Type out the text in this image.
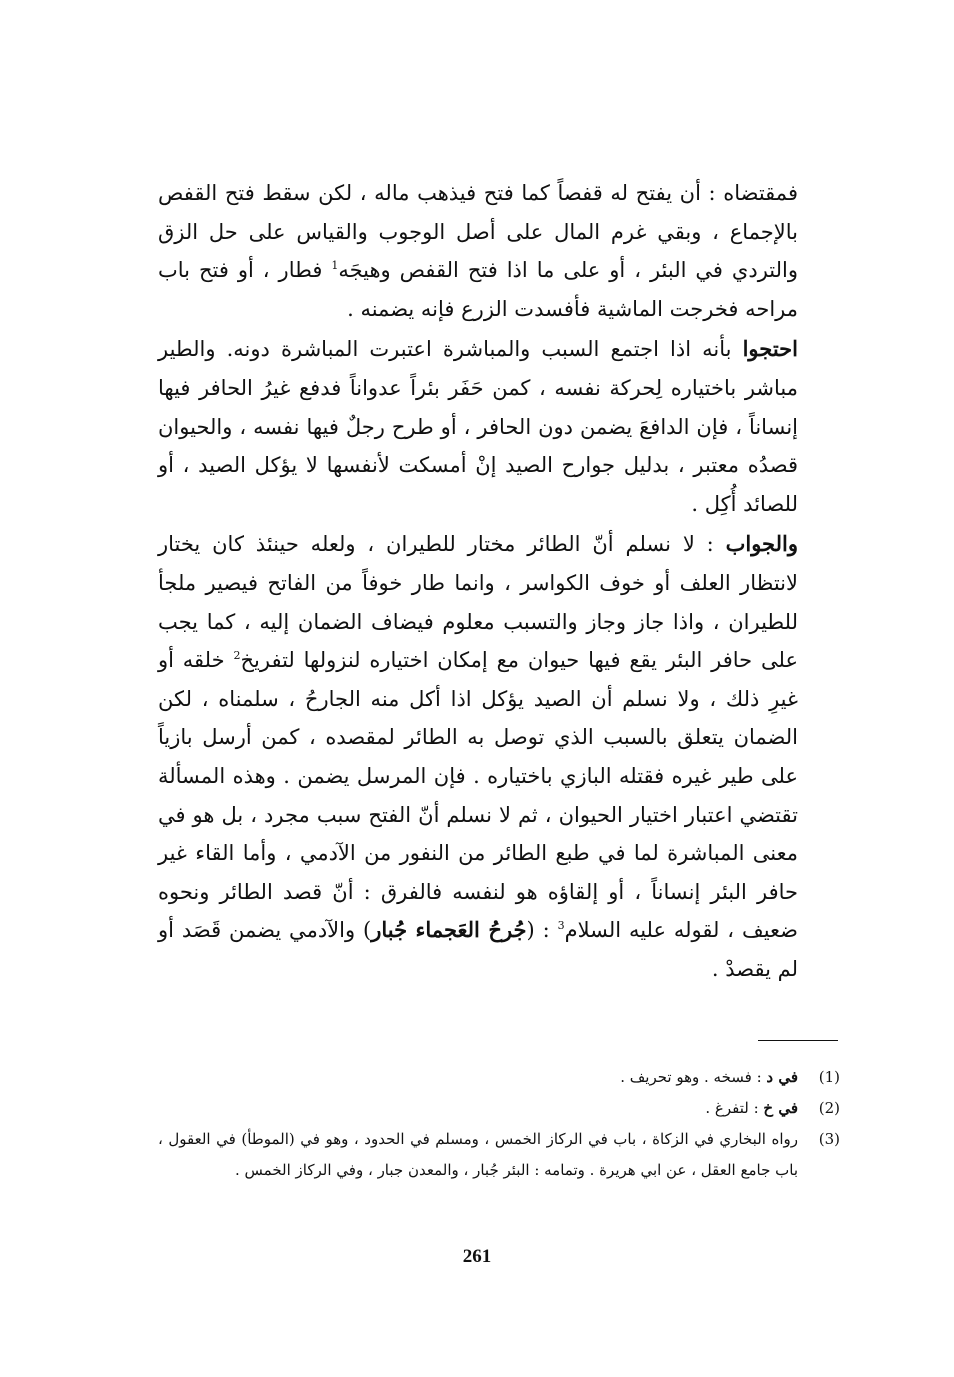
فمقتضاه : أن يفتح له قفصاً كما فتح فيذهب ماله ، لكن سقط فتح القفص بالإجماع ، وبقي غرم المال على أصل الوجوب والقياس على حل الزق والتردي في البئر ، أو على ما اذا فتح القفص وهيجَه$^1$ فطار ، أو فتح باب مراحه فخرجت الماشية فأفسدت الزرع فإنه يضمنه .

احتجوا بأنه اذا اجتمع السبب والمباشرة اعتبرت المباشرة دونه. والطير مباشر باختياره لِحركة نفسه ، كمن حَفَر بئراً عدواناً فدفع غيرُ الحافر فيها إنساناً ، فإن الدافعَ يضمن دون الحافر ، أو طرح رجلٌ فيها نفسه ، والحيوان قصدُه معتبر ، بدليل جوارح الصيد إنْ أمسكت لأنفسها لا يؤكل الصيد ، أو للصائد أُكِل .

والجواب : لا نسلم أنّ الطائر مختار للطيران ، ولعله حينئذ كان يختار لانتظار العلف أو خوف الكواسر ، وانما طار خوفاً من الفاتح فيصير ملجأ للطيران ، واذا جاز وجاز والتسبب معلوم فيضاف الضمان إليه ، كما يجب على حافر البئر يقع فيها حيوان مع إمكان اختياره لنزولها لتفريخ$^2$ خلقه أو غيرِ ذلك ، ولا نسلم أن الصيد يؤكل اذا أكل منه الجارحُ ، سلمناه ، لكن الضمان يتعلق بالسبب الذي توصل به الطائر لمقصده ، كمن أرسل بازياً على طير غيره فقتله البازي باختياره . فإن المرسل يضمن . وهذه المسألة تقتضي اعتبار اختيار الحيوان ، ثم لا نسلم أنّ الفتح سبب مجرد ، بل هو في معنى المباشرة لما في طبع الطائر من النفور من الآدمي ، وأما القاء غير حافر البئر إنساناً ، أو إلقاؤه هو لنفسه فالفرق : أنّ قصد الطائر ونحوه ضعيف ، لقوله عليه السلام$^3$ : (جُرحُ العَجماء جُبار) والآدمي يضمن قَصَد أو لم يقصدْ .

(1)
في د : فسخه . وهو تحريف .
(2)
في خ : لتفرغ .
(3)
رواه البخاري في الزكاة ، باب في الركاز الخمس ، ومسلم في الحدود ، وهو في (الموطأ) في العقول ، باب جامع العقل ، عن ابي هريرة . وتمامه : البئر جُبار ، والمعدن جبار ، وفي الركاز الخمس .
261
